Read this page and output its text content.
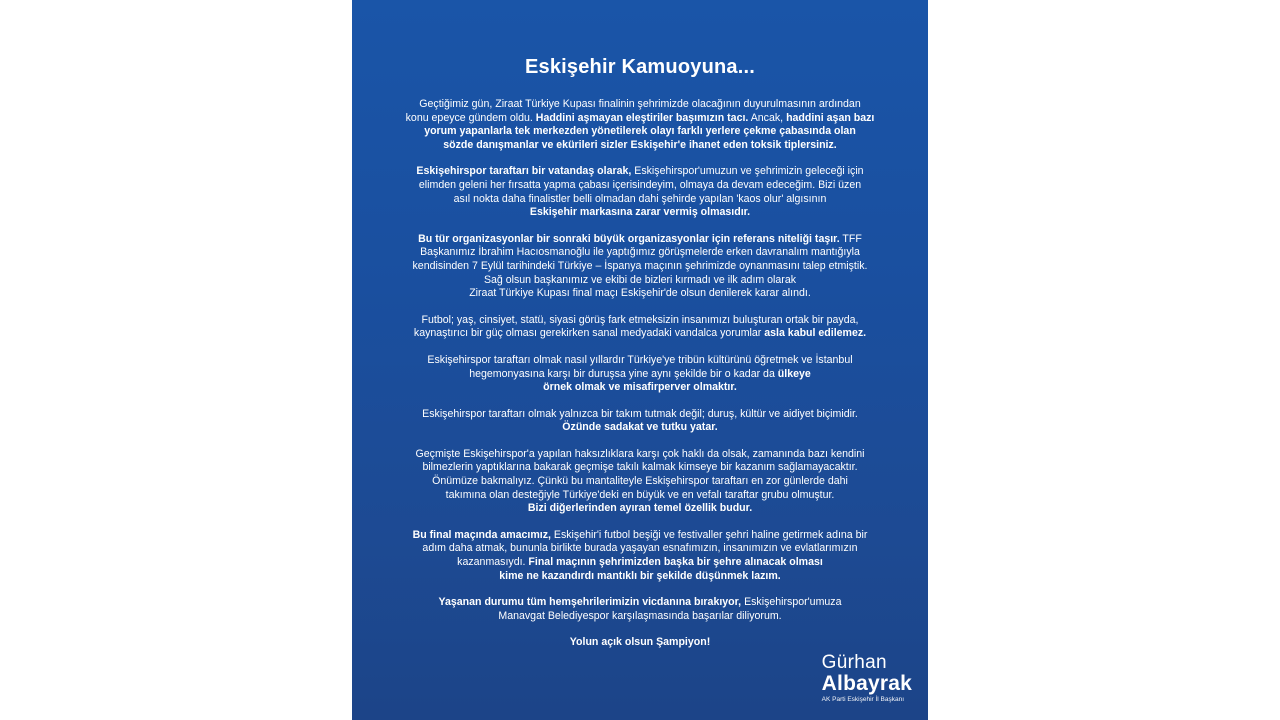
Eskişehir Kamuoyuna...
Geçtiğimiz gün, Ziraat Türkiye Kupası finalinin şehrimizde olacağının duyurulmasının ardından
konu epeyce gündem oldu. Haddini aşmayan eleştiriler başımızın tacı. Ancak, haddini aşan bazı
yorum yapanlarla tek merkezden yönetilerek olayı farklı yerlere çekme çabasında olan
sözde danışmanlar ve ekürileri sizler Eskişehir'e ihanet eden toksik tiplersiniz.
Eskişehirspor taraftarı bir vatandaş olarak, Eskişehirspor'umuzun ve şehrimizin geleceği için
elimden geleni her fırsatta yapma çabası içerisindeyim, olmaya da devam edeceğim. Bizi üzen
asıl nokta daha finalistler belli olmadan dahi şehirde yapılan 'kaos olur' algısının
Eskişehir markasına zarar vermiş olmasıdır.
Bu tür organizasyonlar bir sonraki büyük organizasyonlar için referans niteliği taşır. TFF
Başkanımız İbrahim Hacıosmanoğlu ile yaptığımız görüşmelerde erken davranalım mantığıyla
kendisinden 7 Eylül tarihindeki Türkiye – İspanya maçının şehrimizde oynanmasını talep etmiştik.
Sağ olsun başkanımız ve ekibi de bizleri kırmadı ve ilk adım olarak
Ziraat Türkiye Kupası final maçı Eskişehir'de olsun denilerek karar alındı.
Futbol; yaş, cinsiyet, statü, siyasi görüş fark etmeksizin insanımızı buluşturan ortak bir payda,
kaynaştırıcı bir güç olması gerekirken sanal medyadaki vandalca yorumlar asla kabul edilemez.
Eskişehirspor taraftarı olmak nasıl yıllardır Türkiye'ye tribün kültürünü öğretmek ve İstanbul
hegemonyasına karşı bir duruşsa yine aynı şekilde bir o kadar da ülkeye
örnek olmak ve misafirperver olmaktır.
Eskişehirspor taraftarı olmak yalnızca bir takım tutmak değil; duruş, kültür ve aidiyet biçimidir.
Özünde sadakat ve tutku yatar.
Geçmişte Eskişehirspor'a yapılan haksızlıklara karşı çok haklı da olsak, zamanında bazı kendini
bilmezlerin yaptıklarına bakarak geçmişe takılı kalmak kimseye bir kazanım sağlamayacaktır.
Önümüze bakmalıyız. Çünkü bu mantaliteyle Eskişehirspor taraftarı en zor günlerde dahi
takımına olan desteğiyle Türkiye'deki en büyük ve en vefalı taraftar grubu olmuştur.
Bizi diğerlerinden ayıran temel özellik budur.
Bu final maçında amacımız, Eskişehir'i futbol beşiği ve festivaller şehri haline getirmek adına bir
adım daha atmak, bununla birlikte burada yaşayan esnafımızın, insanımızın ve evlatlarımızın
kazanmasıydı. Final maçının şehrimizden başka bir şehre alınacak olması
kime ne kazandırdı mantıklı bir şekilde düşünmek lazım.
Yaşanan durumu tüm hemşehrilerimizin vicdanına bırakıyor, Eskişehirspor'umuza
Manavgat Belediyespor karşılaşmasında başarılar diliyorum.
Yolun açık olsun Şampiyon!
Gürhan
Albayrak
AK Parti Eskişehir İl Başkanı
